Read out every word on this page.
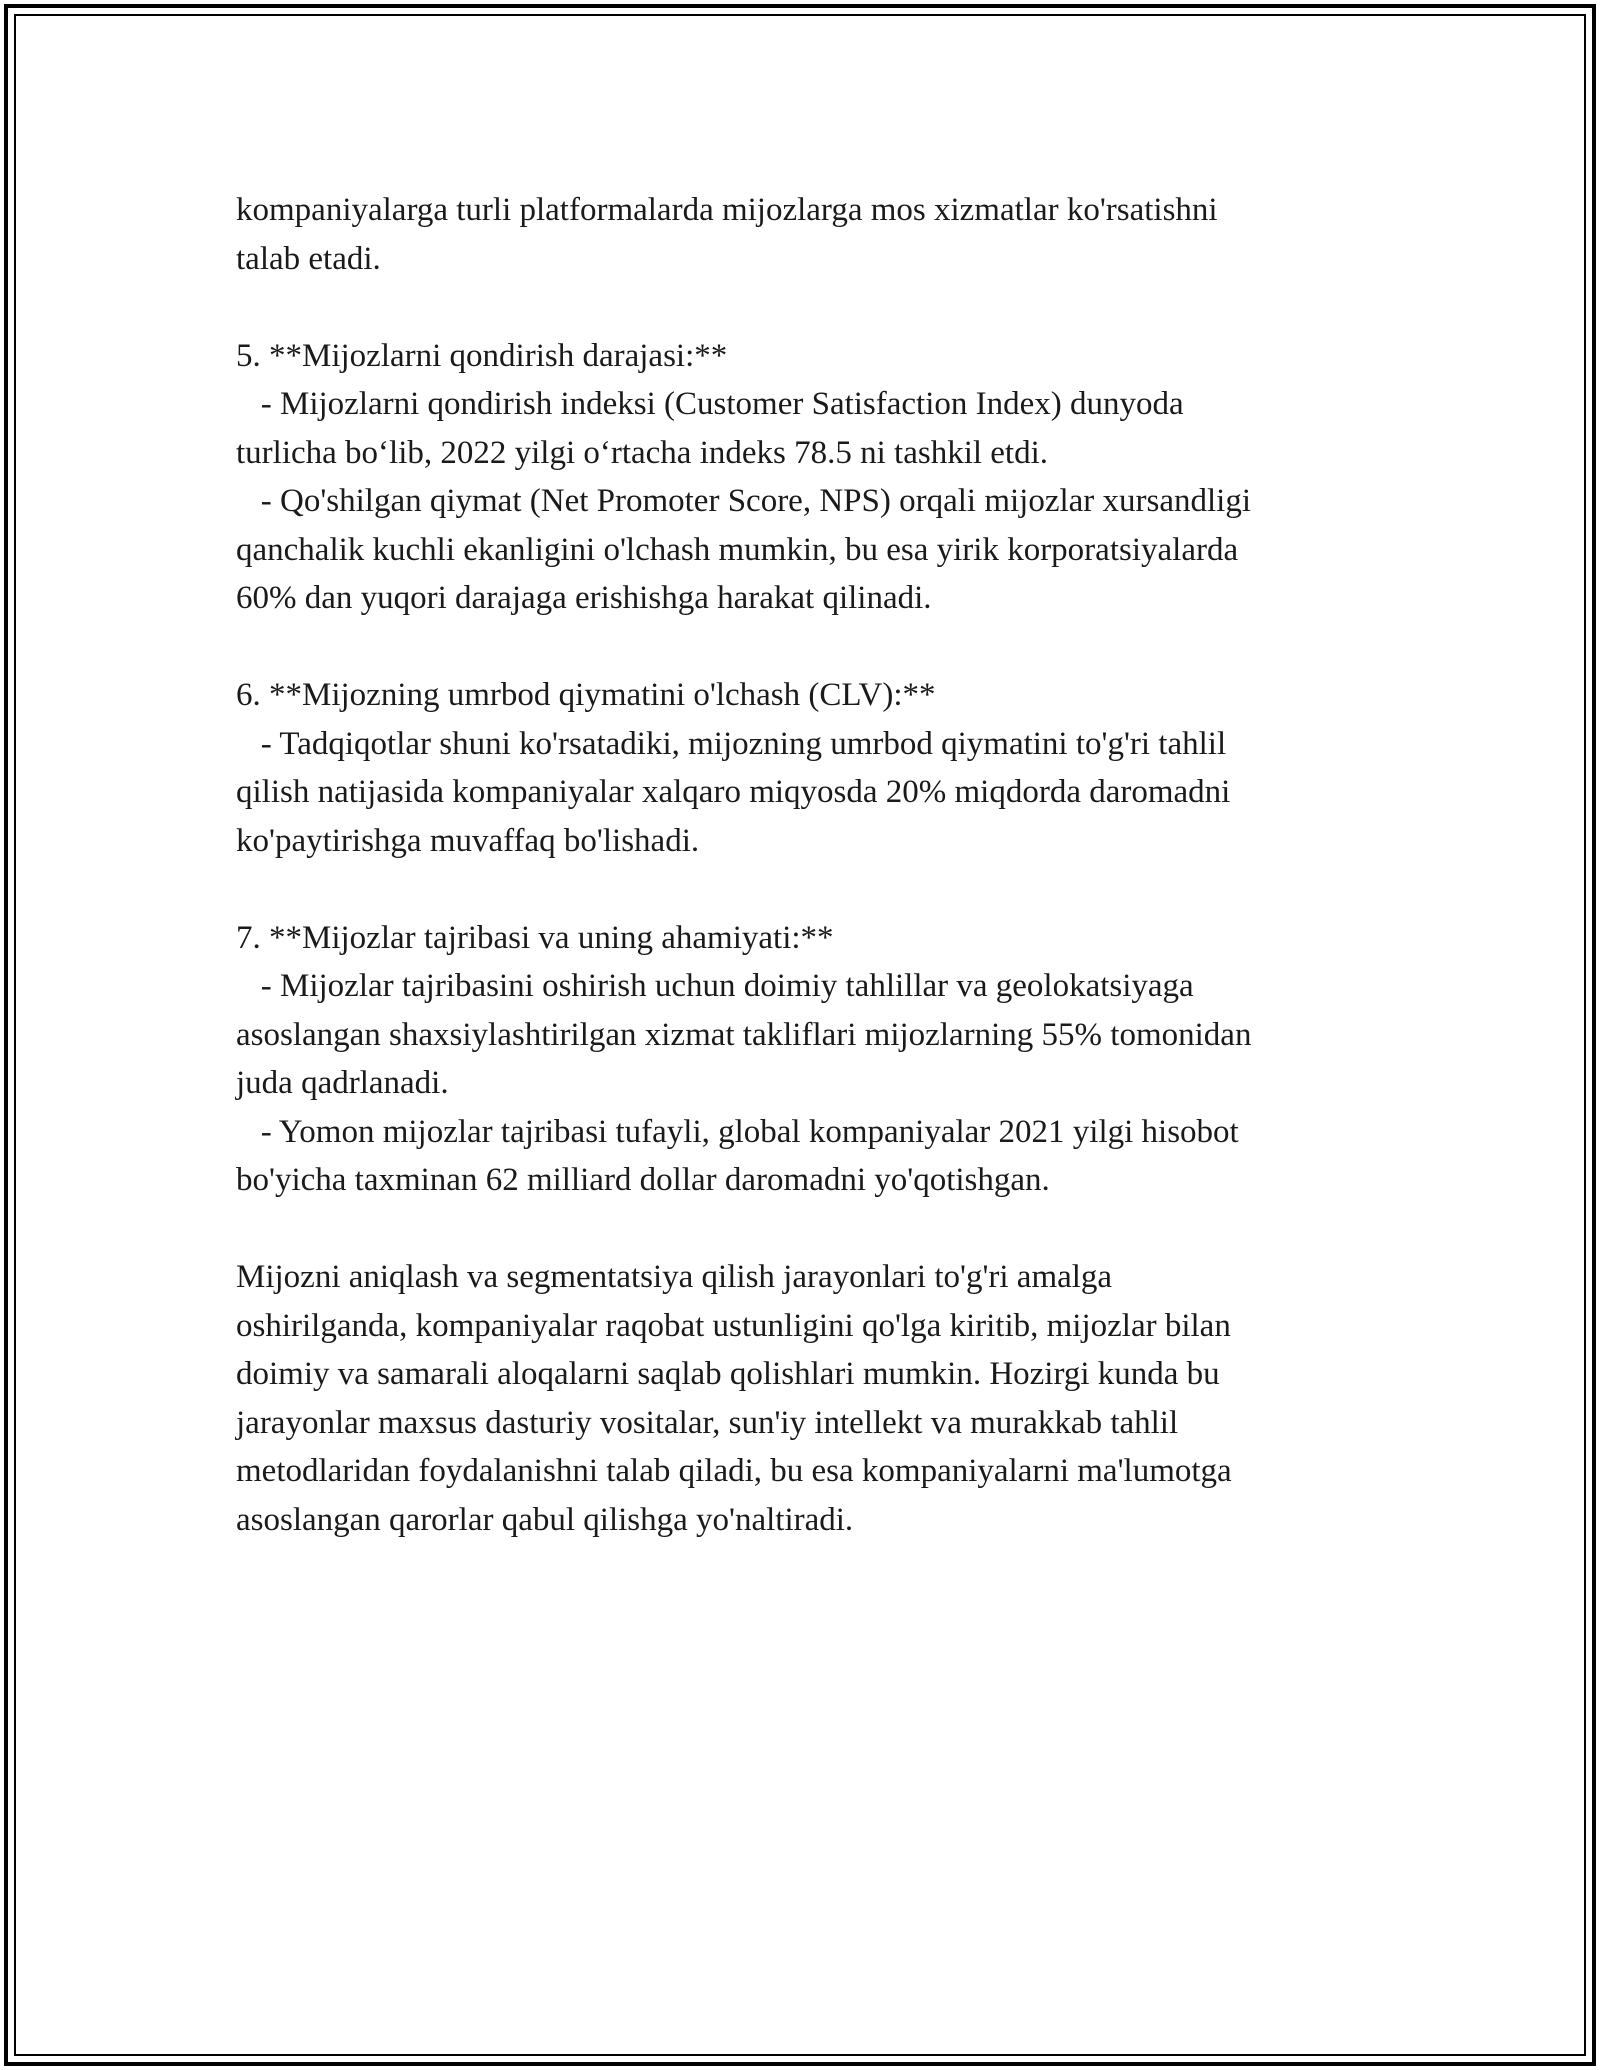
kompaniyalarga turli platformalarda mijozlarga mos xizmatlar ko'rsatishni
talab etadi.
5. **Mijozlarni qondirish darajasi:**
- Mijozlarni qondirish indeksi (Customer Satisfaction Index) dunyoda
turlicha bo‘lib, 2022 yilgi o‘rtacha indeks 78.5 ni tashkil etdi.
- Qo'shilgan qiymat (Net Promoter Score, NPS) orqali mijozlar xursandligi
qanchalik kuchli ekanligini o'lchash mumkin, bu esa yirik korporatsiyalarda
60% dan yuqori darajaga erishishga harakat qilinadi.
6. **Mijozning umrbod qiymatini o'lchash (CLV):**
- Tadqiqotlar shuni ko'rsatadiki, mijozning umrbod qiymatini to'g'ri tahlil
qilish natijasida kompaniyalar xalqaro miqyosda 20% miqdorda daromadni
ko'paytirishga muvaffaq bo'lishadi.
7. **Mijozlar tajribasi va uning ahamiyati:**
- Mijozlar tajribasini oshirish uchun doimiy tahlillar va geolokatsiyaga
asoslangan shaxsiylashtirilgan xizmat takliflari mijozlarning 55% tomonidan
juda qadrlanadi.
- Yomon mijozlar tajribasi tufayli, global kompaniyalar 2021 yilgi hisobot
bo'yicha taxminan 62 milliard dollar daromadni yo'qotishgan.
Mijozni aniqlash va segmentatsiya qilish jarayonlari to'g'ri amalga
oshirilganda, kompaniyalar raqobat ustunligini qo'lga kiritib, mijozlar bilan
doimiy va samarali aloqalarni saqlab qolishlari mumkin. Hozirgi kunda bu
jarayonlar maxsus dasturiy vositalar, sun'iy intellekt va murakkab tahlil
metodlaridan foydalanishni talab qiladi, bu esa kompaniyalarni ma'lumotga
asoslangan qarorlar qabul qilishga yo'naltiradi.
